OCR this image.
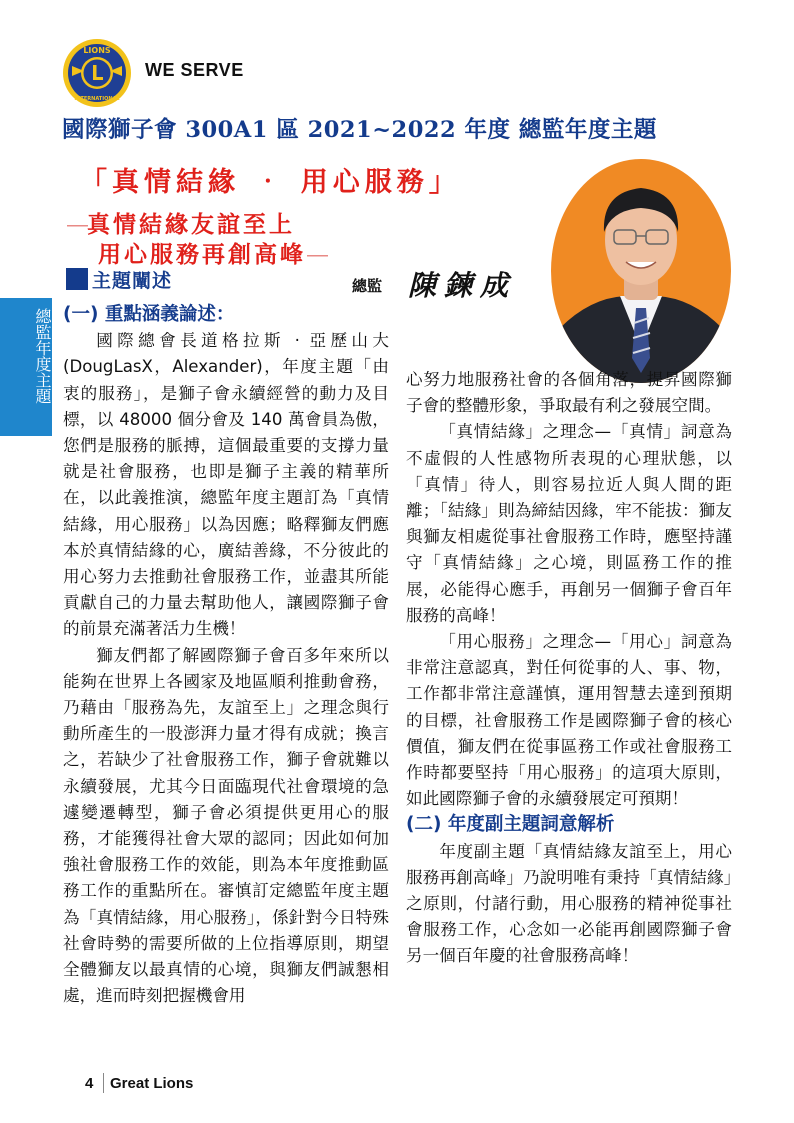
LIONS
INTERNATIONAL
WE SERVE
國際獅子會 300A1 區 2021~2022 年度 總監年度主題
「真情結緣 ‧ 用心服務」
—真情結緣友誼至上
用心服務再創高峰—
主題闡述	總監 陳鍊成
總監年度主題 (一) 重點涵義論述：
國際總會長道格拉斯 ‧ 亞歷山大(DougLasX，Alexander)，年度主題「由衷的服務」，是獅子會永續經營的動力及目標，以 48000 個分會及 140 萬會員為傲，您們是服務的脈搏，這個最重要的支撐力量就是社會服務，也即是獅子主義的精華所在，以此義推演，總監年度主題訂為「真情結緣，用心服務」以為因應；略釋獅友們應本於真情結緣的心，廣結善緣，不分彼此的用心努力去推動社會服務工作，並盡其所能貢獻自己的力量去幫助他人，讓國際獅子會的前景充滿著活力生機！
獅友們都了解國際獅子會百多年來所以能夠在世界上各國家及地區順利推動會務，乃藉由「服務為先，友誼至上」之理念與行動所產生的一股澎湃力量才得有成就；換言之，若缺少了社會服務工作，獅子會就難以永續發展，尤其今日面臨現代社會環境的急遽變遷轉型，獅子會必須提供更用心的服務，才能獲得社會大眾的認同；因此如何加強社會服務工作的效能，則為本年度推動區務工作的重點所在。審慎訂定總監年度主題為「真情結緣，用心服務」，係針對今日特殊社會時勢的需要所做的上位指導原則，期望全體獅友以最真情的心境，與獅友們誠懇相處，進而時刻把握機會用
心努力地服務社會的各個角落，提昇國際獅子會的整體形象，爭取最有利之發展空間。
「真情結緣」之理念—「真情」詞意為不虛假的人性感物所表現的心理狀態，以「真情」待人，則容易拉近人與人間的距離；「結緣」則為締結因緣，牢不能拔：獅友與獅友相處從事社會服務工作時，應堅持謹守「真情結緣」之心境，則區務工作的推展，必能得心應手，再創另一個獅子會百年服務的高峰！
「用心服務」之理念—「用心」詞意為非常注意認真，對任何從事的人、事、物，工作都非常注意謹慎，運用智慧去達到預期的目標，社會服務工作是國際獅子會的核心價值，獅友們在從事區務工作或社會服務工作時都要堅持「用心服務」的這項大原則，如此國際獅子會的永續發展定可預期！
(二) 年度副主題詞意解析
年度副主題「真情結緣友誼至上，用心服務再創高峰」乃說明唯有秉持「真情結緣」之原則，付諸行動，用心服務的精神從事社會服務工作，心念如一必能再創國際獅子會另一個百年慶的社會服務高峰！
4 Great Lions
